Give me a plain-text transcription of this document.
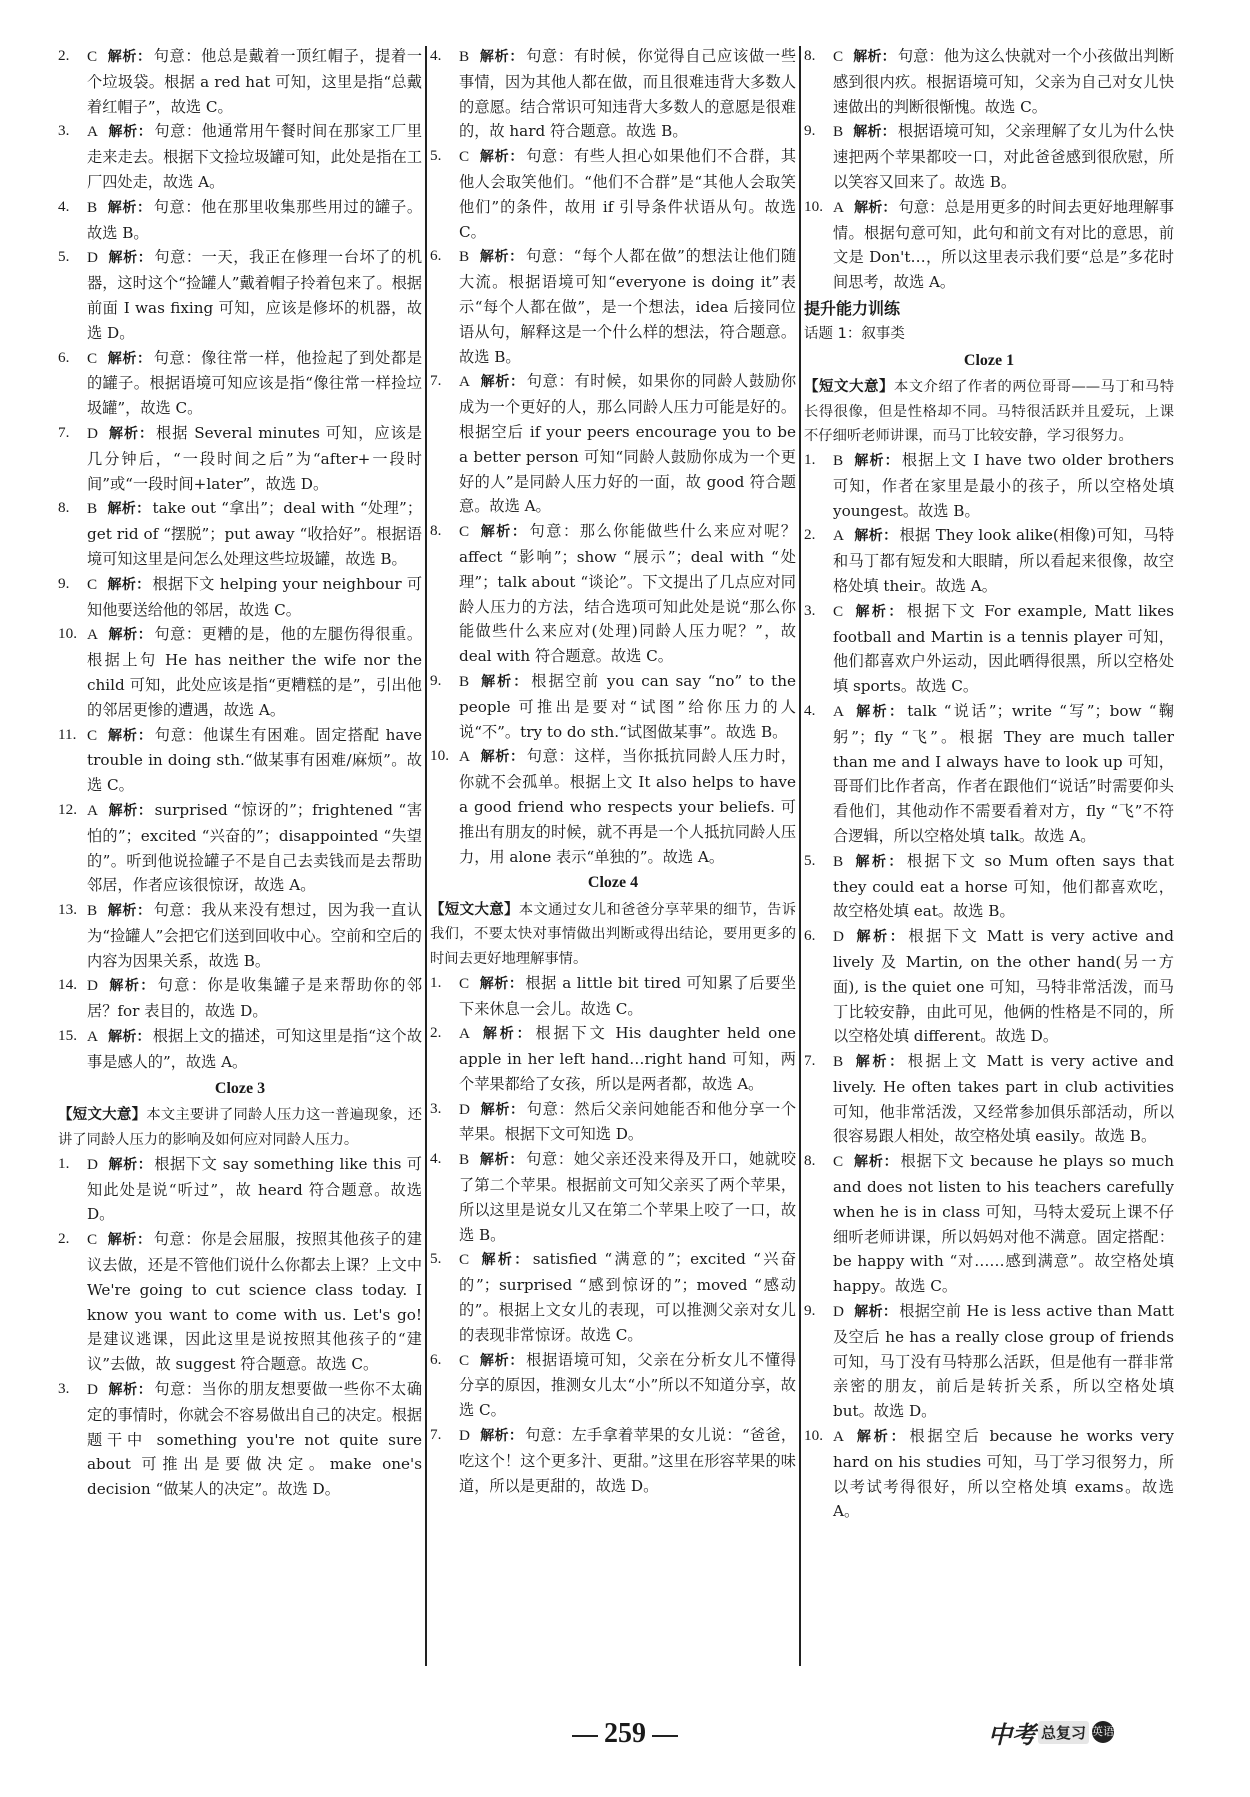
2. C 解析： 句意：他总是戴着一顶红帽子，提着一个垃圾袋。根据 a red hat 可知，这里是指“总戴着红帽子”，故选 C。

3. A 解析： 句意：他通常用午餐时间在那家工厂里走来走去。根据下文捡垃圾罐可知，此处是指在工厂四处走，故选 A。

4. B 解析： 句意：他在那里收集那些用过的罐子。故选 B。

5. D 解析： 句意：一天，我正在修理一台坏了的机器，这时这个“捡罐人”戴着帽子拎着包来了。根据前面 I was fixing 可知，应该是修坏的机器，故选 D。

6. C 解析： 句意：像往常一样，他捡起了到处都是的罐子。根据语境可知应该是指“像往常一样捡垃圾罐”，故选 C。

7. D 解析： 根据 Several minutes 可知，应该是几分钟后，“一段时间之后”为“after+一段时间”或“一段时间+later”，故选 D。

8. B 解析： take out “拿出”；deal with “处理”；get rid of “摆脱”；put away “收拾好”。根据语境可知这里是问怎么处理这些垃圾罐，故选 B。

9. C 解析： 根据下文 helping your neighbour 可知他要送给他的邻居，故选 C。

10. A 解析： 句意：更糟的是，他的左腿伤得很重。根据上句 He has neither the wife nor the child 可知，此处应该是指“更糟糕的是”，引出他的邻居更惨的遭遇，故选 A。

11. C 解析： 句意：他谋生有困难。固定搭配 have trouble in doing sth.“做某事有困难/麻烦”。故选 C。

12. A 解析： surprised “惊讶的”；frightened “害怕的”；excited “兴奋的”；disappointed “失望的”。听到他说捡罐子不是自己去卖钱而是去帮助邻居，作者应该很惊讶，故选 A。

13. B 解析： 句意：我从来没有想过，因为我一直认为“捡罐人”会把它们送到回收中心。空前和空后的内容为因果关系，故选 B。

14. D 解析： 句意：你是收集罐子是来帮助你的邻居？for 表目的，故选 D。

15. A 解析： 根据上文的描述，可知这里是指“这个故事是感人的”，故选 A。

Cloze 3

【短文大意】本文主要讲了同龄人压力这一普遍现象，还讲了同龄人压力的影响及如何应对同龄人压力。

1. D 解析： 根据下文 say something like this 可知此处是说“听过”，故 heard 符合题意。故选 D。

2. C 解析： 句意：你是会屈服，按照其他孩子的建议去做，还是不管他们说什么你都去上课？上文中 We're going to cut science class today. I know you want to come with us. Let's go! 是建议逃课，因此这里是说按照其他孩子的“建议”去做，故 suggest 符合题意。故选 C。

3. D 解析： 句意：当你的朋友想要做一些你不太确定的事情时，你就会不容易做出自己的决定。根据题干中 something you're not quite sure about 可推出是要做决定。make one's decision “做某人的决定”。故选 D。

4. B 解析： 句意：有时候，你觉得自己应该做一些事情，因为其他人都在做，而且很难违背大多数人的意愿。结合常识可知违背大多数人的意愿是很难的，故 hard 符合题意。故选 B。

5. C 解析： 句意：有些人担心如果他们不合群，其他人会取笑他们。“他们不合群”是“其他人会取笑他们”的条件，故用 if 引导条件状语从句。故选 C。

6. B 解析： 句意：“每个人都在做”的想法让他们随大流。根据语境可知“everyone is doing it”表示“每个人都在做”，是一个想法，idea 后接同位语从句，解释这是一个什么样的想法，符合题意。故选 B。

7. A 解析： 句意：有时候，如果你的同龄人鼓励你成为一个更好的人，那么同龄人压力可能是好的。根据空后 if your peers encourage you to be a better person 可知“同龄人鼓励你成为一个更好的人”是同龄人压力好的一面，故 good 符合题意。故选 A。

8. C 解析： 句意：那么你能做些什么来应对呢？affect “影响”；show “展示”；deal with “处理”；talk about “谈论”。下文提出了几点应对同龄人压力的方法，结合选项可知此处是说“那么你能做些什么来应对(处理)同龄人压力呢？”，故 deal with 符合题意。故选 C。

9. B 解析： 根据空前 you can say “no” to the people 可推出是要对“试图”给你压力的人说“不”。try to do sth.“试图做某事”。故选 B。

10. A 解析： 句意：这样，当你抵抗同龄人压力时，你就不会孤单。根据上文 It also helps to have a good friend who respects your beliefs. 可推出有朋友的时候，就不再是一个人抵抗同龄人压力，用 alone 表示“单独的”。故选 A。

Cloze 4

【短文大意】本文通过女儿和爸爸分享苹果的细节，告诉我们，不要太快对事情做出判断或得出结论，要用更多的时间去更好地理解事情。

1. C 解析： 根据 a little bit tired 可知累了后要坐下来休息一会儿。故选 C。

2. A 解析： 根据下文 His daughter held one apple in her left hand…right hand 可知，两个苹果都给了女孩，所以是两者都，故选 A。

3. D 解析： 句意：然后父亲问她能否和他分享一个苹果。根据下文可知选 D。

4. B 解析： 句意：她父亲还没来得及开口，她就咬了第二个苹果。根据前文可知父亲买了两个苹果，所以这里是说女儿又在第二个苹果上咬了一口，故选 B。

5. C 解析： satisfied “满意的”；excited “兴奋的”；surprised “感到惊讶的”；moved “感动的”。根据上文女儿的表现，可以推测父亲对女儿的表现非常惊讶。故选 C。

6. C 解析： 根据语境可知，父亲在分析女儿不懂得分享的原因，推测女儿太“小”所以不知道分享，故选 C。

7. D 解析： 句意：左手拿着苹果的女儿说：“爸爸，吃这个！这个更多汁、更甜。”这里在形容苹果的味道，所以是更甜的，故选 D。

8. C 解析： 句意：他为这么快就对一个小孩做出判断感到很内疚。根据语境可知，父亲为自己对女儿快速做出的判断很惭愧。故选 C。

9. B 解析： 根据语境可知，父亲理解了女儿为什么快速把两个苹果都咬一口，对此爸爸感到很欣慰，所以笑容又回来了。故选 B。

10. A 解析： 句意：总是用更多的时间去更好地理解事情。根据句意可知，此句和前文有对比的意思，前文是 Don't…，所以这里表示我们要“总是”多花时间思考，故选 A。

提升能力训练
话题 1：叙事类
Cloze 1

【短文大意】本文介绍了作者的两位哥哥——马丁和马特长得很像，但是性格却不同。马特很活跃并且爱玩，上课不仔细听老师讲课，而马丁比较安静，学习很努力。

1. B 解析： 根据上文 I have two older brothers 可知，作者在家里是最小的孩子，所以空格处填 youngest。故选 B。

2. A 解析： 根据 They look alike(相像)可知，马特和马丁都有短发和大眼睛，所以看起来很像，故空格处填 their。故选 A。

3. C 解析： 根据下文 For example, Matt likes football and Martin is a tennis player 可知，他们都喜欢户外运动，因此晒得很黑，所以空格处填 sports。故选 C。

4. A 解析： talk “说话”；write “写”；bow “鞠躬”；fly “飞”。根据 They are much taller than me and I always have to look up 可知，哥哥们比作者高，作者在跟他们“说话”时需要仰头看他们，其他动作不需要看着对方，fly “飞”不符合逻辑，所以空格处填 talk。故选 A。

5. B 解析： 根据下文 so Mum often says that they could eat a horse 可知，他们都喜欢吃，故空格处填 eat。故选 B。

6. D 解析： 根据下文 Matt is very active and lively 及 Martin, on the other hand(另一方面), is the quiet one 可知，马特非常活泼，而马丁比较安静，由此可见，他俩的性格是不同的，所以空格处填 different。故选 D。

7. B 解析： 根据上文 Matt is very active and lively. He often takes part in club activities 可知，他非常活泼，又经常参加俱乐部活动，所以很容易跟人相处，故空格处填 easily。故选 B。

8. C 解析： 根据下文 because he plays so much and does not listen to his teachers carefully when he is in class 可知，马特太爱玩上课不仔细听老师讲课，所以妈妈对他不满意。固定搭配：be happy with “对……感到满意”。故空格处填 happy。故选 C。

9. D 解析： 根据空前 He is less active than Matt 及空后 he has a really close group of friends 可知，马丁没有马特那么活跃，但是他有一群非常亲密的朋友，前后是转折关系，所以空格处填 but。故选 D。

10. A 解析： 根据空后 because he works very hard on his studies 可知，马丁学习很努力，所以考试考得很好，所以空格处填 exams。故选 A。

259	中考 总复习 英语
